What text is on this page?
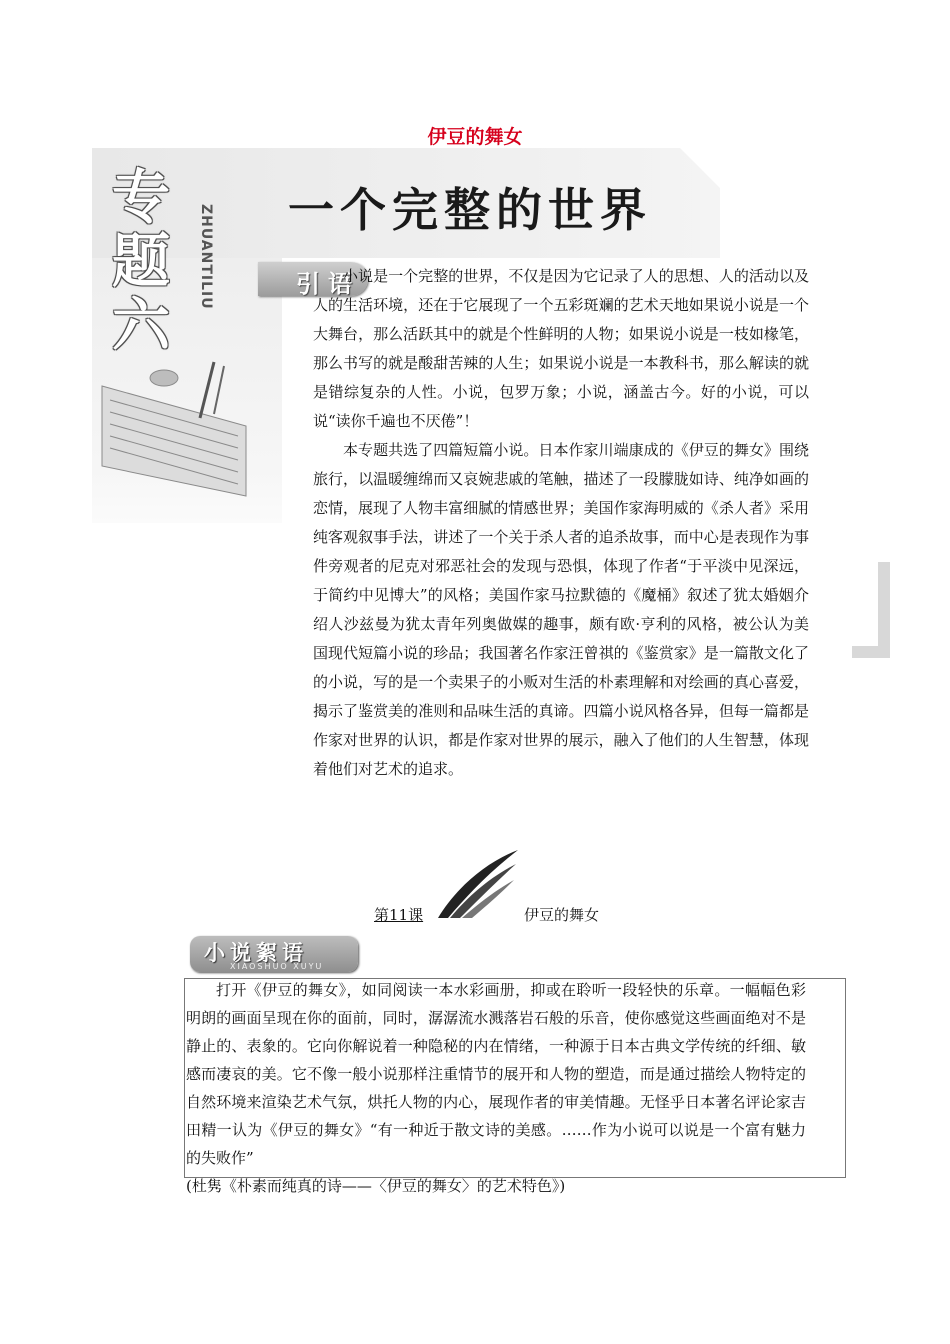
伊豆的舞女
专题六
ZHUANTILIU 一个完整的世界
引语

小说是一个完整的世界，不仅是因为它记录了人的思想、人的活动以及人的生活环境，还在于它展现了一个五彩斑斓的艺术天地如果说小说是一个大舞台，那么活跃其中的就是个性鲜明的人物；如果说小说是一枝如椽笔，那么书写的就是酸甜苦辣的人生；如果说小说是一本教科书，那么解读的就是错综复杂的人性。小说，包罗万象；小说，涵盖古今。好的小说，可以说“读你千遍也不厌倦”！

本专题共选了四篇短篇小说。日本作家川端康成的《伊豆的舞女》围绕旅行，以温暖缠绵而又哀婉悲戚的笔触，描述了一段朦胧如诗、纯净如画的恋情，展现了人物丰富细腻的情感世界；美国作家海明威的《杀人者》采用纯客观叙事手法，讲述了一个关于杀人者的追杀故事，而中心是表现作为事件旁观者的尼克对邪恶社会的发现与恐惧，体现了作者“于平淡中见深远，于简约中见博大”的风格；美国作家马拉默德的《魔桶》叙述了犹太婚姻介绍人沙兹曼为犹太青年列奥做媒的趣事，颇有欧·亨利的风格，被公认为美国现代短篇小说的珍品；我国著名作家汪曾祺的《鉴赏家》是一篇散文化了的小说，写的是一个卖果子的小贩对生活的朴素理解和对绘画的真心喜爱，揭示了鉴赏美的准则和品味生活的真谛。四篇小说风格各异，但每一篇都是作家对世界的认识，都是作家对世界的展示，融入了他们的人生智慧，体现着他们对艺术的追求。

第11课	伊豆的舞女
小说絮语
XIAOSHUO XUYU

打开《伊豆的舞女》，如同阅读一本水彩画册，抑或在聆听一段轻快的乐章。一幅幅色彩明朗的画面呈现在你的面前，同时，潺潺流水溅落岩石般的乐音，使你感觉这些画面绝对不是静止的、表象的。它向你解说着一种隐秘的内在情绪，一种源于日本古典文学传统的纤细、敏感而凄哀的美。它不像一般小说那样注重情节的展开和人物的塑造，而是通过描绘人物特定的自然环境来渲染艺术气氛，烘托人物的内心，展现作者的审美情趣。无怪乎日本著名评论家吉田精一认为《伊豆的舞女》“有一种近于散文诗的美感。……作为小说可以说是一个富有魅力的失败作”

(杜隽《朴素而纯真的诗——〈伊豆的舞女〉的艺术特色》)
